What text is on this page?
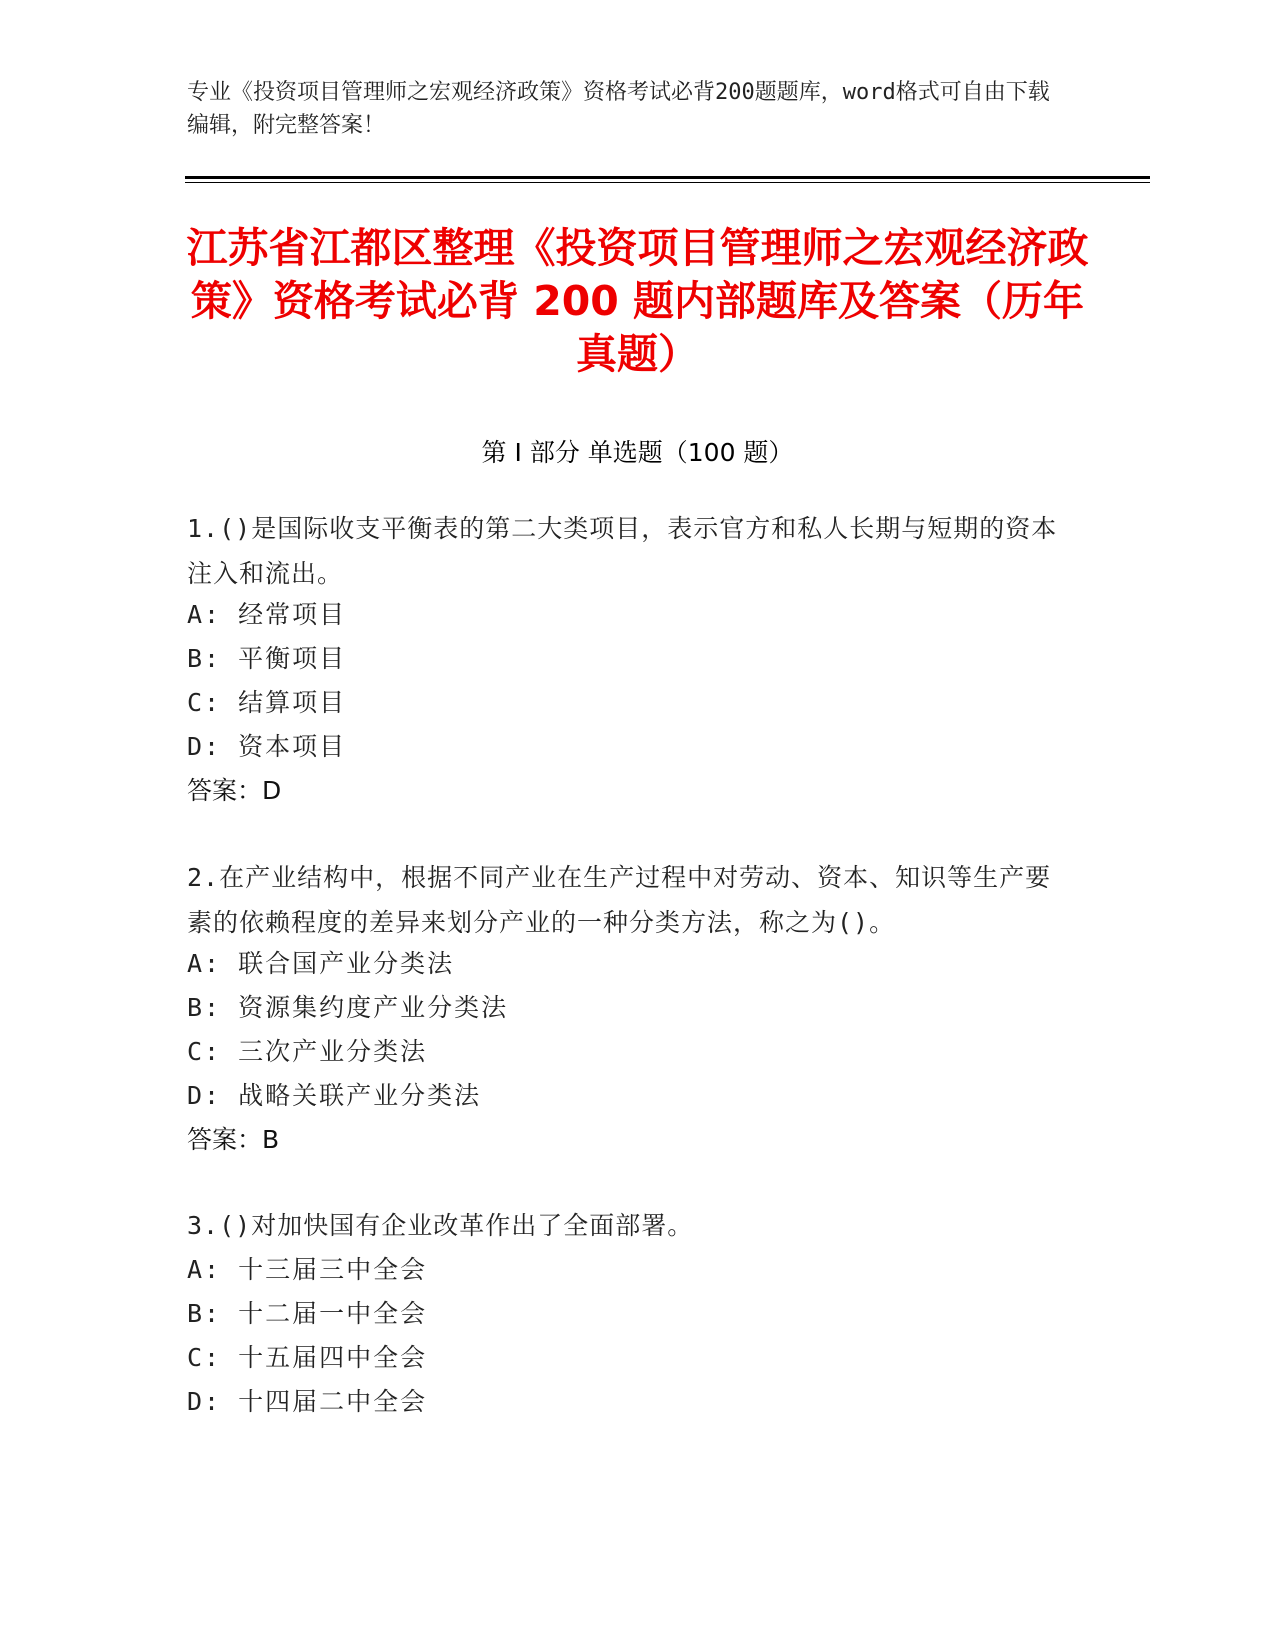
专业《投资项目管理师之宏观经济政策》资格考试必背200题题库，word格式可自由下载编辑，附完整答案！
江苏省江都区整理《投资项目管理师之宏观经济政策》资格考试必背 200 题内部题库及答案（历年真题）
第 I 部分 单选题（100 题）
1.()是国际收支平衡表的第二大类项目，表示官方和私人长期与短期的资本注入和流出。
A: 经常项目
B: 平衡项目
C: 结算项目
D: 资本项目
答案：D
2.在产业结构中，根据不同产业在生产过程中对劳动、资本、知识等生产要素的依赖程度的差异来划分产业的一种分类方法，称之为()。
A: 联合国产业分类法
B: 资源集约度产业分类法
C: 三次产业分类法
D: 战略关联产业分类法
答案：B
3.()对加快国有企业改革作出了全面部署。
A: 十三届三中全会
B: 十二届一中全会
C: 十五届四中全会
D: 十四届二中全会
